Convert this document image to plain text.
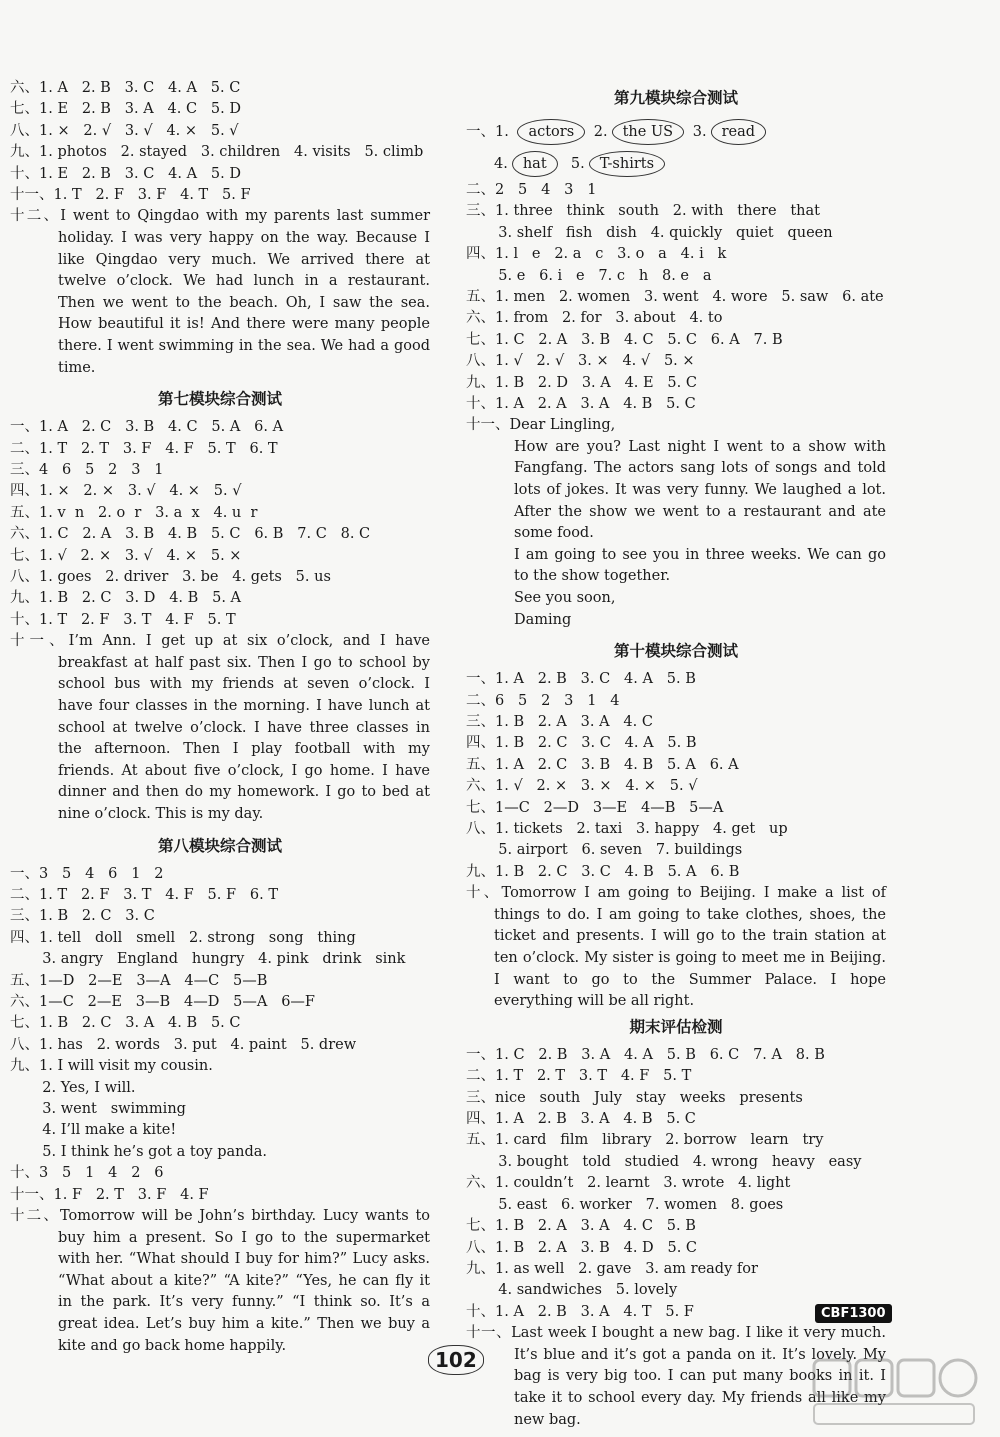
六、1. A   2. B   3. C   4. A   5. C
七、1. E   2. B   3. A   4. C   5. D
八、1. ×   2. √   3. √   4. ×   5. √
九、1. photos   2. stayed   3. children   4. visits   5. climb
十、1. E   2. B   3. C   4. A   5. D
十一、1. T   2. F   3. F   4. T   5. F
十二、I went to Qingdao with my parents last summer holiday. I was very happy on the way. Because I like Qingdao very much. We arrived there at twelve o’clock. We had lunch in a restaurant. Then we went to the beach. Oh, I saw the sea. How beautiful it is! And there were many people there. I went swimming in the sea. We had a good time.
第七模块综合测试
一、1. A   2. C   3. B   4. C   5. A   6. A
二、1. T   2. T   3. F   4. F   5. T   6. T
三、4   6   5   2   3   1
四、1. ×   2. ×   3. √   4. ×   5. √
五、1. v  n   2. o  r   3. a  x   4. u  r
六、1. C   2. A   3. B   4. B   5. C   6. B   7. C   8. C
七、1. √   2. ×   3. √   4. ×   5. ×
八、1. goes   2. driver   3. be   4. gets   5. us
九、1. B   2. C   3. D   4. B   5. A
十、1. T   2. F   3. T   4. F   5. T
十一、I’m Ann. I get up at six o’clock, and I have breakfast at half past six. Then I go to school by school bus with my friends at seven o’clock. I have four classes in the morning. I have lunch at school at twelve o’clock. I have three classes in the afternoon. Then I play football with my friends. At about five o’clock, I go home. I have dinner and then do my homework. I go to bed at nine o’clock. This is my day.
第八模块综合测试
一、3   5   4   6   1   2
二、1. T   2. F   3. T   4. F   5. F   6. T
三、1. B   2. C   3. C
四、1. tell   doll   smell   2. strong   song   thing
3. angry   England   hungry   4. pink   drink   sink
五、1—D   2—E   3—A   4—C   5—B
六、1—C   2—E   3—B   4—D   5—A   6—F
七、1. B   2. C   3. A   4. B   5. C
八、1. has   2. words   3. put   4. paint   5. drew
九、1. I will visit my cousin.
2. Yes, I will.
3. went   swimming
4. I’ll make a kite!
5. I think he’s got a toy panda.
十、3   5   1   4   2   6
十一、1. F   2. T   3. F   4. F
十二、Tomorrow will be John’s birthday. Lucy wants to buy him a present. So I go to the supermarket with her. “What should I buy for him?” Lucy asks. “What about a kite?” “A kite?” “Yes, he can fly it in the park. It’s very funny.” “I think so. It’s a great idea. Let’s buy him a kite.” Then we buy a kite and go back home happily.
第九模块综合测试
一、1. actors 2. the US 3. read
4. hat 5. T-shirts
二、2   5   4   3   1
三、1. three   think   south   2. with   there   that
3. shelf   fish   dish   4. quickly   quiet   queen
四、1. l   e   2. a   c   3. o   a   4. i   k
5. e   6. i   e   7. c   h   8. e   a
五、1. men   2. women   3. went   4. wore   5. saw   6. ate
六、1. from   2. for   3. about   4. to
七、1. C   2. A   3. B   4. C   5. C   6. A   7. B
八、1. √   2. √   3. ×   4. √   5. ×
九、1. B   2. D   3. A   4. E   5. C
十、1. A   2. A   3. A   4. B   5. C
十一、Dear Lingling,
How are you? Last night I went to a show with Fangfang. The actors sang lots of songs and told lots of jokes. It was very funny. We laughed a lot. After the show we went to a restaurant and ate some food.
I am going to see you in three weeks. We can go to the show together.
See you soon,
Daming
第十模块综合测试
一、1. A   2. B   3. C   4. A   5. B
二、6   5   2   3   1   4
三、1. B   2. A   3. A   4. C
四、1. B   2. C   3. C   4. A   5. B
五、1. A   2. C   3. B   4. B   5. A   6. A
六、1. √   2. ×   3. ×   4. ×   5. √
七、1—C   2—D   3—E   4—B   5—A
八、1. tickets   2. taxi   3. happy   4. get   up
5. airport   6. seven   7. buildings
九、1. B   2. C   3. C   4. B   5. A   6. B
十、Tomorrow I am going to Beijing. I make a list of things to do. I am going to take clothes, shoes, the ticket and presents. I will go to the train station at ten o’clock. My sister is going to meet me in Beijing. I want to go to the Summer Palace. I hope everything will be all right.
期末评估检测
一、1. C   2. B   3. A   4. A   5. B   6. C   7. A   8. B
二、1. T   2. T   3. T   4. F   5. T
三、nice   south   July   stay   weeks   presents
四、1. A   2. B   3. A   4. B   5. C
五、1. card   film   library   2. borrow   learn   try
3. bought   told   studied   4. wrong   heavy   easy
六、1. couldn’t   2. learnt   3. wrote   4. light
5. east   6. worker   7. women   8. goes
七、1. B   2. A   3. A   4. C   5. B
八、1. B   2. A   3. B   4. D   5. C
九、1. as well   2. gave   3. am ready for
4. sandwiches   5. lovely
十、1. A   2. B   3. A   4. T   5. F
十一、Last week I bought a new bag. I like it very much. It’s blue and it’s got a panda on it. It’s lovely. My bag is very big too. I can put many books in it. I take it to school every day. My friends all like my new bag.
CBF1300
102
